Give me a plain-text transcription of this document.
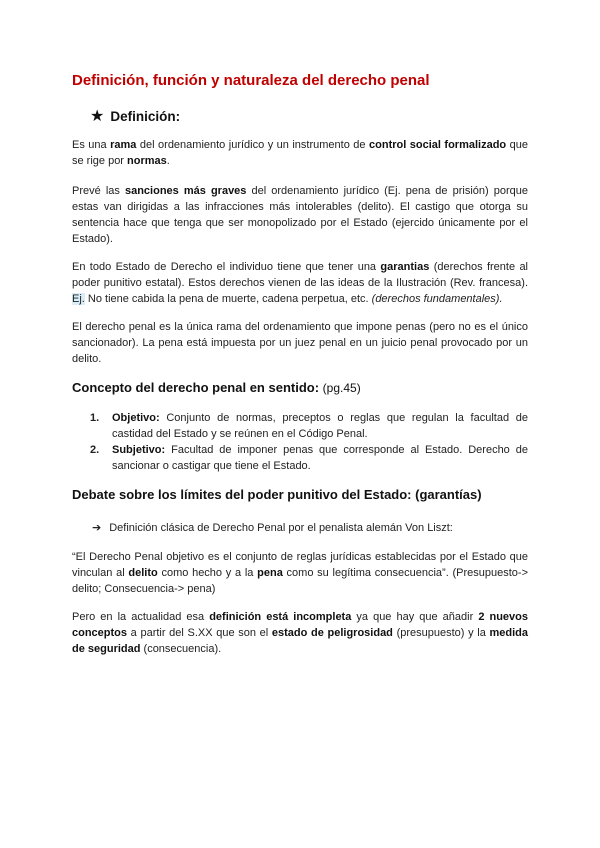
Definición, función y naturaleza del derecho penal
★ Definición:

Es una rama del ordenamiento jurídico y un instrumento de control social formalizado que se rige por normas.

Prevé las sanciones más graves del ordenamiento jurídico (Ej. pena de prisión) porque estas van dirigidas a las infracciones más intolerables (delito). El castigo que otorga su sentencia hace que tenga que ser monopolizado por el Estado (ejercido únicamente por el Estado).

En todo Estado de Derecho el individuo tiene que tener una garantias (derechos frente al poder punitivo estatal). Estos derechos vienen de las ideas de la Ilustración (Rev. francesa). Ej. No tiene cabida la pena de muerte, cadena perpetua, etc. (derechos fundamentales).

El derecho penal es la única rama del ordenamiento que impone penas (pero no es el único sancionador). La pena está impuesta por un juez penal en un juicio penal provocado por un delito.

Concepto del derecho penal en sentido: (pg.45)
1. Objetivo: Conjunto de normas, preceptos o reglas que regulan la facultad de castidad del Estado y se reúnen en el Código Penal.
2. Subjetivo: Facultad de imponer penas que corresponde al Estado. Derecho de sancionar o castigar que tiene el Estado.
Debate sobre los límites del poder punitivo del Estado: (garantías)
➔ Definición clásica de Derecho Penal por el penalista alemán Von Liszt:

“El Derecho Penal objetivo es el conjunto de reglas jurídicas establecidas por el Estado que vinculan al delito como hecho y a la pena como su legítima consecuencia”. (Presupuesto-> delito; Consecuencia-> pena)

Pero en la actualidad esa definición está incompleta ya que hay que añadir 2 nuevos conceptos a partir del S.XX que son el estado de peligrosidad (presupuesto) y la medida de seguridad (consecuencia).
